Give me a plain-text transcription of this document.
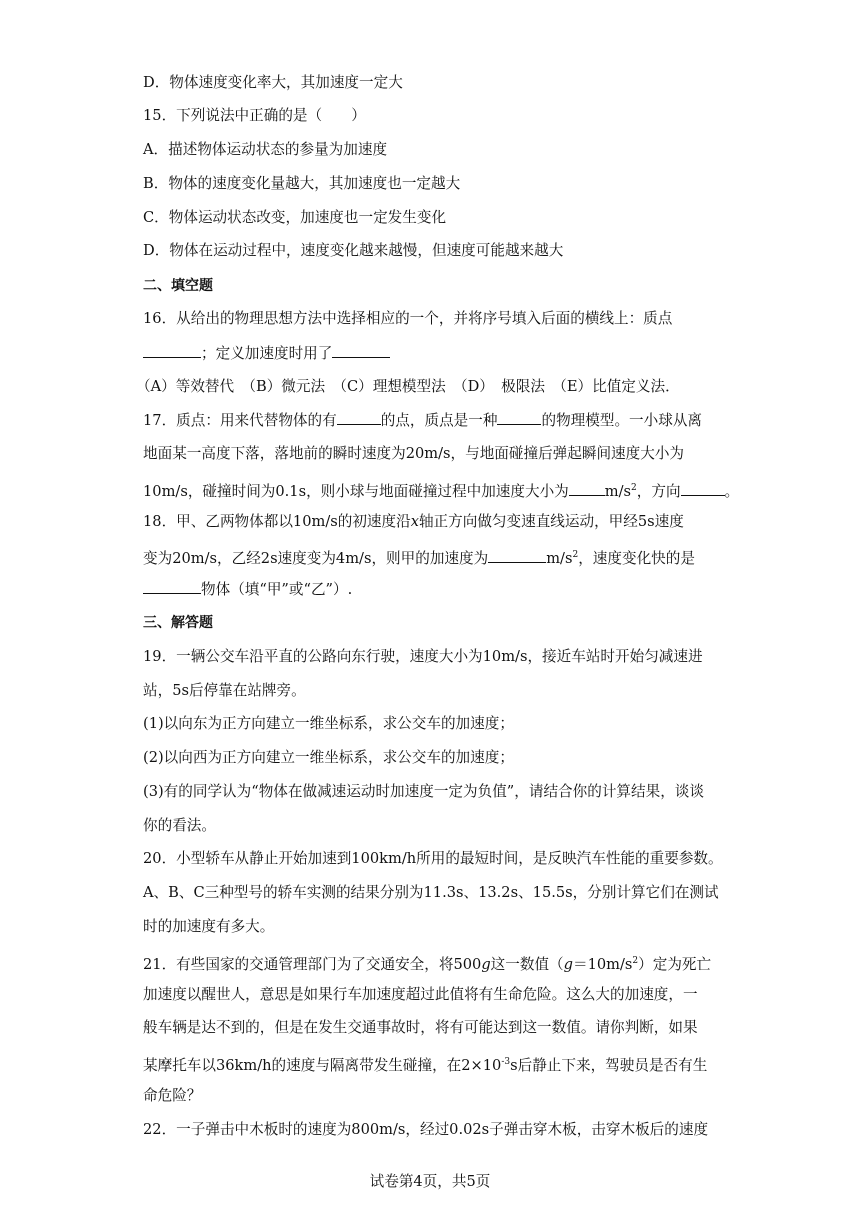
D．物体速度变化率大，其加速度一定大
15．下列说法中正确的是（　　）
A．描述物体运动状态的参量为加速度
B．物体的速度变化量越大，其加速度也一定越大
C．物体运动状态改变，加速度也一定发生变化
D．物体在运动过程中，速度变化越来越慢，但速度可能越来越大
二、填空题
16．从给出的物理思想方法中选择相应的一个，并将序号填入后面的横线上：质点
；定义加速度时用了
（A）等效替代　（B）微元法　（C）理想模型法　（D）　极限法　（E）比值定义法．
17．质点：用来代替物体的有	的点，质点是一种	的物理模型。一小球从离
地面某一高度下落，落地前的瞬时速度为20m/s，与地面碰撞后弹起瞬间速度大小为
10m/s，碰撞时间为0.1s，则小球与地面碰撞过程中加速度大小为 $m/s^2$，方向	。
18．甲、乙两物体都以10m/s的初速度沿x轴正方向做匀变速直线运动，甲经5s速度
变为20m/s，乙经2s速度变为4m/s，则甲的加速度为	$m/s^2$，速度变化快的是
物体（填“甲”或“乙”）.
三、解答题
19．一辆公交车沿平直的公路向东行驶，速度大小为10m/s，接近车站时开始匀减速进
站，5s后停靠在站牌旁。
(1)以向东为正方向建立一维坐标系，求公交车的加速度；
(2)以向西为正方向建立一维坐标系，求公交车的加速度；
(3)有的同学认为“物体在做减速运动时加速度一定为负值”，请结合你的计算结果，谈谈
你的看法。
20．小型轿车从静止开始加速到100km/h所用的最短时间，是反映汽车性能的重要参数。
A、B、C三种型号的轿车实测的结果分别为11.3s、13.2s、15.5s，分别计算它们在测试
时的加速度有多大。
21．有些国家的交通管理部门为了交通安全，将500g这一数值$(g=10m/s^2)$定为死亡
加速度以醒世人，意思是如果行车加速度超过此值将有生命危险。这么大的加速度，一
般车辆是达不到的，但是在发生交通事故时，将有可能达到这一数值。请你判断，如果
某摩托车以36km/h的速度与隔离带发生碰撞，在$2\times 10^{-3}s$后静止下来，驾驶员是否有生
命危险？
22．一子弹击中木板时的速度为800m/s，经过0.02s子弹击穿木板，击穿木板后的速度
试卷第4页，共5页
